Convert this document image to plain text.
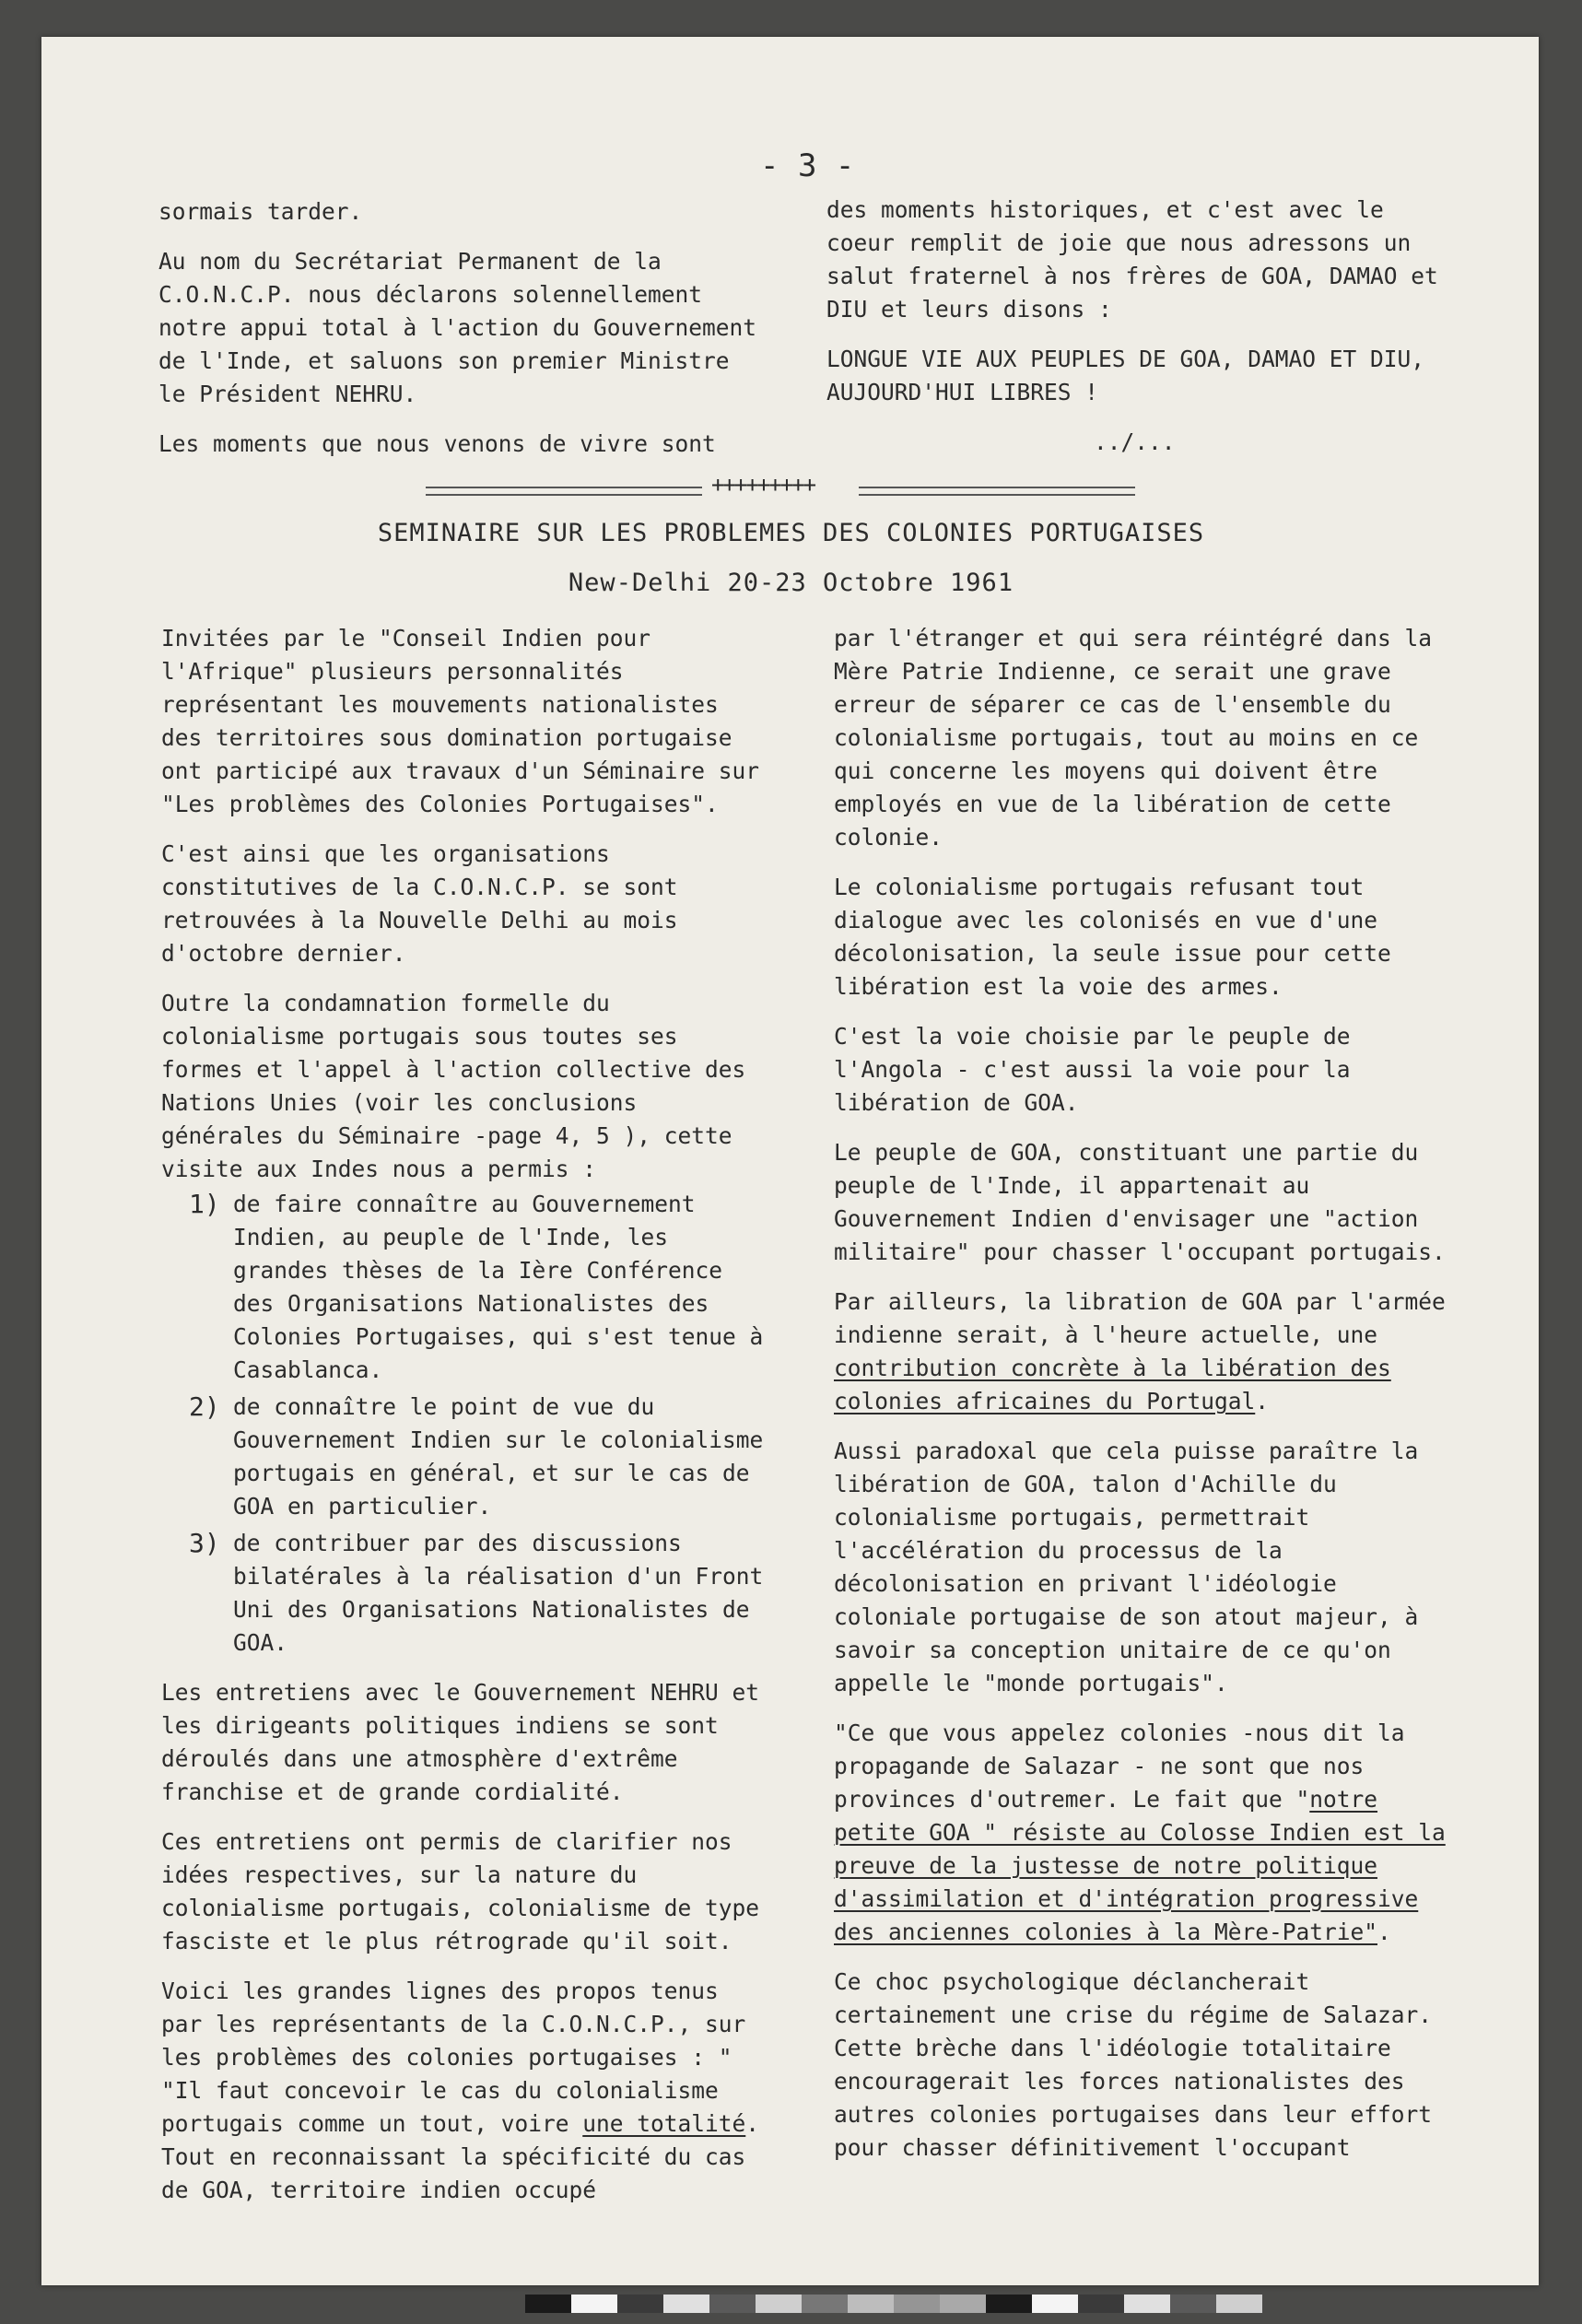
- 3 -

sormais tarder.

Au nom du Secrétariat Permanent de la C.O.N.C.P. nous déclarons solennellement notre appui total à l'action du Gouvernement de l'Inde, et saluons son premier Ministre le Président NEHRU.

Les moments que nous venons de vivre sont

des moments historiques, et c'est avec le coeur remplit de joie que nous adressons un salut fraternel à nos frères de GOA, DAMAO et DIU et leurs disons :

LONGUE VIE AUX PEUPLES DE GOA, DAMAO ET DIU, AUJOURD'HUI LIBRES !

../...

+++++++++
SEMINAIRE SUR LES PROBLEMES DES COLONIES PORTUGAISES
New-Delhi 20-23 Octobre 1961

Invitées par le "Conseil Indien pour l'Afrique" plusieurs personnalités représentant les mouvements nationalistes des territoires sous domination portugaise ont participé aux travaux d'un Séminaire sur "Les problèmes des Colonies Portugaises".

C'est ainsi que les organisations constitutives de la C.O.N.C.P. se sont retrouvées à la Nouvelle Delhi au mois d'octobre dernier.

Outre la condamnation formelle du colonialisme portugais sous toutes ses formes et l'appel à l'action collective des Nations Unies (voir les conclusions générales du Séminaire -page 4, 5 ), cette visite aux Indes nous a permis :

1) de faire connaître au Gouvernement Indien, au peuple de l'Inde, les grandes thèses de la Ière Conférence des Organisations Nationalistes des Colonies Portugaises, qui s'est tenue à Casablanca.
2) de connaître le point de vue du Gouvernement Indien sur le colonialisme portugais en général, et sur le cas de GOA en particulier.
3) de contribuer par des discussions bilatérales à la réalisation d'un Front Uni des Organisations Nationalistes de GOA.

Les entretiens avec le Gouvernement NEHRU et les dirigeants politiques indiens se sont déroulés dans une atmosphère d'extrême franchise et de grande cordialité.

Ces entretiens ont permis de clarifier nos idées respectives, sur la nature du colonialisme portugais, colonialisme de type fasciste et le plus rétrograde qu'il soit.

Voici les grandes lignes des propos tenus par les représentants de la C.O.N.C.P., sur les problèmes des colonies portugaises : " "Il faut concevoir le cas du colonialisme portugais comme un tout, voire une totalité. Tout en reconnaissant la spécificité du cas de GOA, territoire indien occupé

par l'étranger et qui sera réintégré dans la Mère Patrie Indienne, ce serait une grave erreur de séparer ce cas de l'ensemble du colonialisme portugais, tout au moins en ce qui concerne les moyens qui doivent être employés en vue de la libération de cette colonie.

Le colonialisme portugais refusant tout dialogue avec les colonisés en vue d'une décolonisation, la seule issue pour cette libération est la voie des armes.

C'est la voie choisie par le peuple de l'Angola - c'est aussi la voie pour la libération de GOA.

Le peuple de GOA, constituant une partie du peuple de l'Inde, il appartenait au Gouvernement Indien d'envisager une "action militaire" pour chasser l'occupant portugais.

Par ailleurs, la libration de GOA par l'armée indienne serait, à l'heure actuelle, une contribution concrète à la libération des colonies africaines du Portugal.

Aussi paradoxal que cela puisse paraître la libération de GOA, talon d'Achille du colonialisme portugais, permettrait l'accélération du processus de la décolonisation en privant l'idéologie coloniale portugaise de son atout majeur, à savoir sa conception unitaire de ce qu'on appelle le "monde portugais".

"Ce que vous appelez colonies -nous dit la propagande de Salazar - ne sont que nos provinces d'outremer. Le fait que "notre petite GOA " résiste au Colosse Indien est la preuve de la justesse de notre politique d'assimilation et d'intégration progressive des anciennes colonies à la Mère-Patrie".

Ce choc psychologique déclancherait certainement une crise du régime de Salazar. Cette brèche dans l'idéologie totalitaire encouragerait les forces nationalistes des autres colonies portugaises dans leur effort pour chasser définitivement l'occupant
